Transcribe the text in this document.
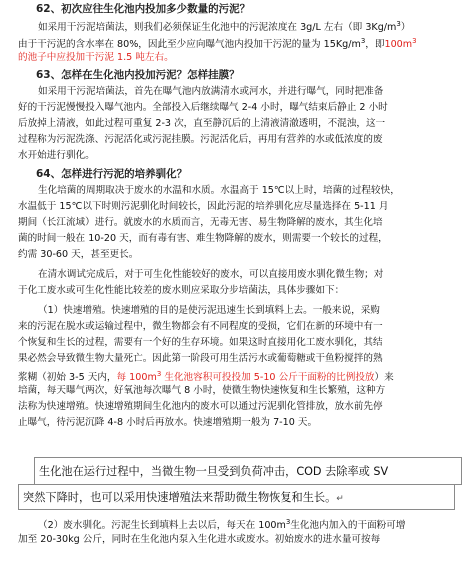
62、初次应往生化池内投加多少数量的污泥？
如采用干污泥培菌法，则我们必须保证生化池中的污泥浓度在 3g/L 左右（即 $3Kg/m^3$）
由于干污泥的含水率在 80%，因此至少应向曝气池内投加干污泥的量为 $15Kg/m^3$，即$100m^3$
的池子中应投加干污泥 1.5 吨左右。
63、怎样在生化池内投加污泥？怎样挂膜？
如采用干污泥培菌法，首先在曝气池内放满清水或河水，并进行曝气，同时把准备
好的干污泥慢慢投入曝气池内。全部投入后继续曝气 2-4 小时，曝气结束后静止 2 小时
后放掉上清液，如此过程可重复 2-3 次，直至静沉后的上清液清澈透明，不混浊，这一
过程称为污泥洗涤、污泥活化或污泥挂膜。污泥活化后，再用有营养的水或低浓度的废
水开始进行驯化。
64、怎样进行污泥的培养驯化？
生化培菌的周期取决于废水的水温和水质。水温高于 15℃以上时，培菌的过程较快，
水温低于 15℃以下时则污泥驯化时间较长，因此污泥的培养驯化应尽量选择在 5-11 月
期间（长江流域）进行。就废水的水质而言，无毒无害、易生物降解的废水，其生化培
菌的时间一般在 10-20 天，而有毒有害、难生物降解的废水，则需要一个较长的过程，
约需 30-60 天，甚至更长。
在清水调试完成后，对于可生化性能较好的废水，可以直接用废水驯化微生物；对
于化工废水或可生化性能比较差的废水则应采取分步培菌法，具体步骤如下：
（1）快速增殖。快速增殖的目的是使污泥迅速生长到填料上去。一般来说，采购
来的污泥在脱水或运输过程中，微生物都会有不同程度的受损，它们在新的环境中有一
个恢复和生长的过程，需要有一个好的生存环境。如果这时直接用化工废水驯化，其结
果必然会导致微生物大量死亡。因此第一阶段可用生活污水或葡萄糖或干鱼粉搅拌的熟
浆糊（初始 3-5 天内，每 $100m^3$ 生化池容积可投投加 5-10 公斤干面粉的比例投放）来
培菌，每天曝气两次，好氧池每次曝气 8 小时，使微生物快速恢复和生长繁殖，这种方
法称为快速增殖。快速增殖期间生化池内的废水可以通过污泥驯化管排放，放水前先停
止曝气，待污泥沉降 4-8 小时后再放水。快速增殖期一般为 7-10 天。
生化池在运行过程中，当微生物一旦受到负荷冲击，COD 去除率或 SV
突然下降时，也可以采用快速增殖法来帮助微生物恢复和生长。↵
（2）废水驯化。污泥生长到填料上去以后，每天在 $100m^3$生化池内加入的干面粉可增
加至 20-30kg 公斤，同时在生化池内泵入生化进水或废水。初始废水的进水量可按每
